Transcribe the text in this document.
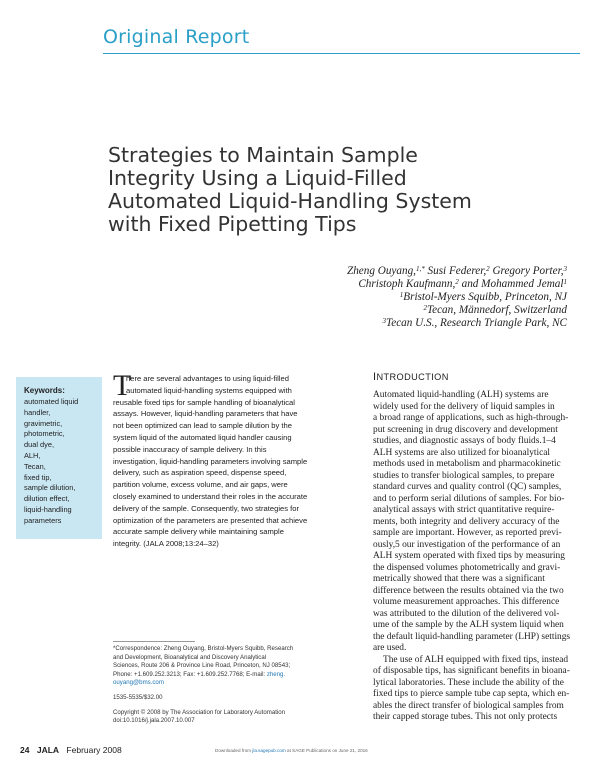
Original Report
Strategies to Maintain Sample
Integrity Using a Liquid-Filled
Automated Liquid-Handling System
with Fixed Pipetting Tips
Zheng Ouyang,$^{1,*}$ Susi Federer,$^2$ Gregory Porter,$^3$
Christoph Kaufmann,$^2$ and Mohammed Jemal$^1$
$^1$Bristol-Myers Squibb, Princeton, NJ
$^2$Tecan, Männedorf, Switzerland
$^3$Tecan U.S., Research Triangle Park, NC
Keywords:
automated liquid
handler,
gravimetric,
photometric,
dual dye,
ALH,
Tecan,
fixed tip,
sample dilution,
dilution effect,
liquid-handling
parameters
T
here are several advantages to using liquid-filled
automated liquid-handling systems equipped with
reusable fixed tips for sample handling of bioanalytical
assays. However, liquid-handling parameters that have
not been optimized can lead to sample dilution by the
system liquid of the automated liquid handler causing
possible inaccuracy of sample delivery. In this
investigation, liquid-handling parameters involving sample
delivery, such as aspiration speed, dispense speed,
partition volume, excess volume, and air gaps, were
closely examined to understand their roles in the accurate
delivery of the sample. Consequently, two strategies for
optimization of the parameters are presented that achieve
accurate sample delivery while maintaining sample
integrity. (JALA 2008;13:24–32)
*Correspondence: Zheng Ouyang, Bristol-Myers Squibb, Research
and Development, Bioanalytical and Discovery Analytical
Sciences, Route 206 & Province Line Road, Princeton, NJ 08543;
Phone: +1.609.252.3213; Fax: +1.609.252.7768; E-mail: zheng.
ouyang@bms.com
1535-5535/$32.00
Copyright © 2008 by The Association for Laboratory Automation
doi:10.1016/j.jala.2007.10.007
INTRODUCTION
Automated liquid-handling (ALH) systems are
widely used for the delivery of liquid samples in
a broad range of applications, such as high-through-
put screening in drug discovery and development
studies, and diagnostic assays of body fluids.1–4
ALH systems are also utilized for bioanalytical
methods used in metabolism and pharmacokinetic
studies to transfer biological samples, to prepare
standard curves and quality control (QC) samples,
and to perform serial dilutions of samples. For bio-
analytical assays with strict quantitative require-
ments, both integrity and delivery accuracy of the
sample are important. However, as reported previ-
ously,5 our investigation of the performance of an
ALH system operated with fixed tips by measuring
the dispensed volumes photometrically and gravi-
metrically showed that there was a significant
difference between the results obtained via the two
volume measurement approaches. This difference
was attributed to the dilution of the delivered vol-
ume of the sample by the ALH system liquid when
the default liquid-handling parameter (LHP) settings
are used.
The use of ALH equipped with fixed tips, instead
of disposable tips, has significant benefits in bioana-
lytical laboratories. These include the ability of the
fixed tips to pierce sample tube cap septa, which en-
ables the direct transfer of biological samples from
their capped storage tubes. This not only protects
24 JALA February 2008	Downloaded from jla.sagepub.com at SAGE Publications on June 21, 2016
